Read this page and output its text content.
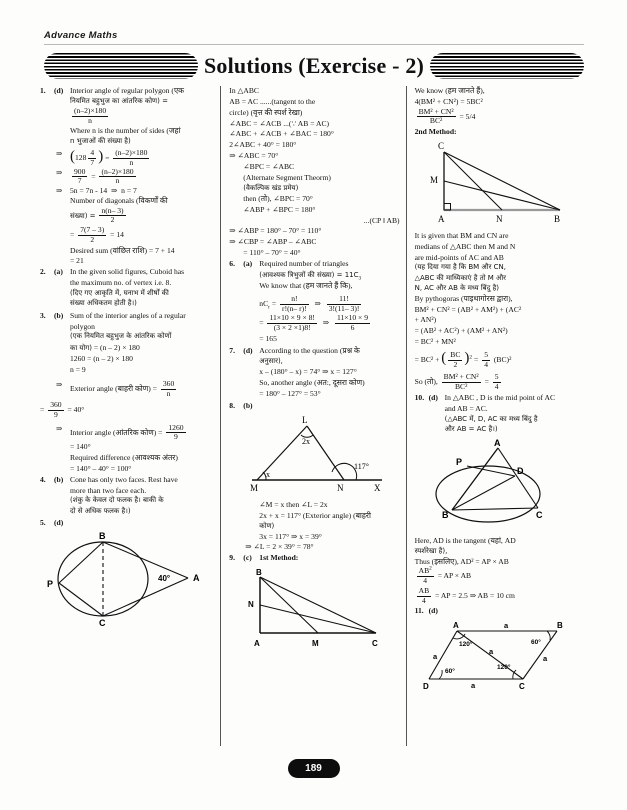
Advance Maths
Solutions (Exercise - 2)
1.	(d) Interior angle of regular polygon (एक

नियमित बहुभुज का आंतरिक कोण) =

$\frac{(n-2)\times 180}{n}$

Where n is the number of sides (जहां

n भुजाओं की संख्या है)

⇒ ( $128 \frac{4}{7}$ ) = $\frac{(n-2)\times 180}{n}$
⇒	$\frac{900}{7} = \frac{(n-2)\times 180}{n}$
⇒	5n = 7n - 14  ⇒  n = 7

Number of diagonals (विकर्णों की

संख्या) = $\frac{n(n- 3)}{2}$

= $\frac{7(7 - 3)}{2} = 14$

Desired sum (वांछित राशि) = 7 + 14

= 21

2.	(a) In the given solid figures, Cuboid has

the maximum no. of vertex i.e. 8.

(दिए गए आकृति में, घनाभ में शीर्षों की

संख्या अधिकतम होती है।)

3.	(b) Sum of the interior angles of a regular

polygon

(एक नियमित बहुभुज के आंतरिक कोणों

का योग) = (n – 2) × 180

1260 = (n – 2) × 180

n = 9

⇒	Exterior angle (बाहरी कोण) = $\frac{360}{n}$

= $\frac{360}{9} = 40^\circ$

⇒	Interior angle (आंतरिक कोण) = $\frac{1260}{9}$

= 140°

Required difference (आवश्यक अंतर)

= 140° – 40° = 100°

4.	(b) Cone has only two faces. Rest have

more than two face each.

(शंकु के केवल दो फलक है। बाकी के

दो से अधिक फलक है।)

5.	(d)
B
P
C
A
40°

In △ABC

AB = AC ......(tangent to the

circle) (वृत्त की स्पर्श रेखा)

∠ABC = ∠ACB ...(∵ AB = AC)

∠ABC + ∠ACB + ∠BAC = 180°

2∠ABC + 40° = 180°

⇒ ∠ABC = 70°

∠BPC = ∠ABC

(Alternate Segment Theorm)

(वैकल्पिक खंड प्रमेय)

then (तो), ∠BPC = 70°

∠ABP + ∠BPC = 180°

...(CP ǁ AB)

⇒ ∠ABP = 180° – 70° = 110°

⇒ ∠CBP = ∠ABP – ∠ABC

= 110° – 70° = 40°

6.	(a) Required number of triangles

(आवश्यक त्रिभुजों की संख्या) = $11C_3$

We know that (हम जानते हैं कि),

$nC_r = \frac{n!}{r!(n- r)!}$ ⇒ $\frac{11!}{3!(11- 3)!}$

= $\frac{11\times 10 \times 9 \times 8!}{(3 \times 2 \times 1)8!}$ ⇒ $\frac{11\times 10 \times 9}{6}$

= 165

7.	(d) According to the question (प्रश्न के

अनुसार),

x – (180° – x) = 74° ⇒ x = 127°

So, another angle (अत:, दूसरा कोण)

= 180° – 127° = 53°

8.	(b)
L
2x
x
117°
M	N	X

∠M = x then ∠L = 2x

2x + x = 117° (Exterior angle) (बाहरी

कोण)

3x = 117° ⇒ x = 39°

⇒ ∠L = 2 × 39° = 78°

9.	(c) 1st Method:

B
N
A	M	C

We know (हम जानते हैं),

4(BM² + CN²) = 5BC²

$\frac{\text{BM² + CN²}}{\text{BC²}} = 5/4$

2nd Method:

C
M
A	N	B

It is given that BM and CN are

medians of △ABC then M and N

are mid-points of AC and AB

(यह दिया गया है कि BM और CN,

△ABC की माध्यिकाएं है तो M और

N, AC और AB के मध्य बिंदु है)

By pythogoras (पाइथागोरस द्वारा),

BM² + CN² = (AB² + AM²) + (AC²

+ AN²)

= (AB² + AC²) + (AM² + AN²)

= BC² + MN²

= BC² + ( $\frac{BC}{2} )^2 = \frac{5}{4} (BC)^2$

So (तो), $\frac{\text{BM² + CN²}}{\text{BC²}} = \frac{5}{4}$

10. (d) In △ABC , D is the mid point of AC

and AB = AC.

(△ABC में, D, AC का मध्य बिंदु है

और AB = AC है।)

A
P
D
B	C

Here, AD is the tangent (यहां, AD

स्पर्शरेखा है),

Thus (इसलिए), AD² = AP × AB

$\frac{AB^2}{4}$ = AP × AB

$\frac{AB}{4}$ = AP = 2.5 ⇒ AB = 10 cm

11. (d)
A	B
D	C
a
a
a	a
a
120°	60°
60°
120°
189
